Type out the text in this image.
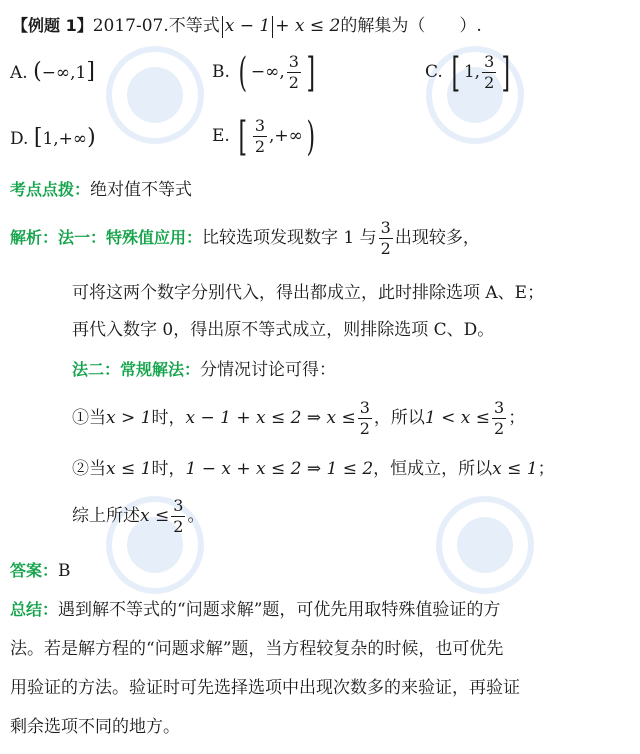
【例题 1】2017-07.不等式 x − 1 + x ≤ 2的解集为（　　）.
A. (−∞,1]	B. ( −∞, $\frac{3}{2}$ ]	C. [ 1, $\frac{3}{2}$ ]
D. [1,+∞)	E. [ $\frac{3}{2}$ ,+∞)
考点点拨：绝对值不等式
解析：法一：特殊值应用：比较选项发现数字 1 与 $\frac{3}{2}$ 出现较多，
可将这两个数字分别代入，得出都成立，此时排除选项 A、E；
再代入数字 0，得出原不等式成立，则排除选项 C、D。
法二：常规解法：分情况讨论可得：
①当x > 1时，x − 1 + x ≤ 2 ⇒ $x \le \frac{3}{2}$ ，所以$1 < x \le \frac{3}{2}$ ；
②当x ≤ 1时，1 − x + x ≤ 2 ⇒ 1 ≤ 2，恒成立，所以x ≤ 1；
综上所述$x \le \frac{3}{2}$ 。
答案：B
总结：遇到解不等式的“问题求解”题，可优先用取特殊值验证的方
法。若是解方程的“问题求解”题，当方程较复杂的时候，也可优先
用验证的方法。验证时可先选择选项中出现次数多的来验证，再验证
剩余选项不同的地方。
